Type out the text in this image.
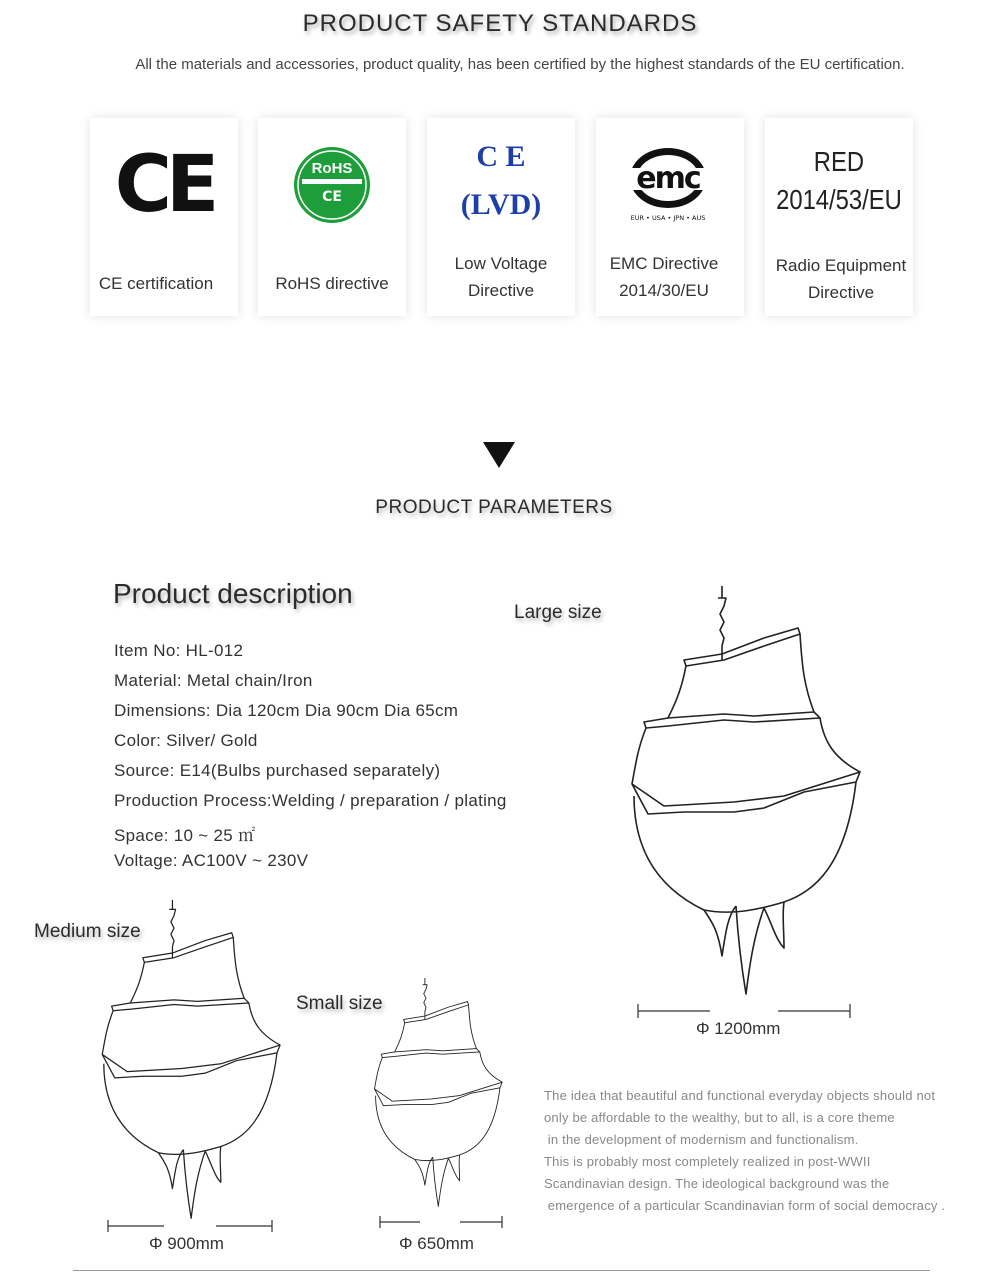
PRODUCT SAFETY STANDARDS
All the materials and accessories, product quality, has been certified by the highest standards of the EU certification.
CE
CE certification
RoHS
CE
RoHS directive
C E
(LVD)
Low Voltage
Directive
emc
EUR • USA • JPN • AUS
EMC Directive
2014/30/EU
RED
2014/53/EU
Radio Equipment
Directive
PRODUCT PARAMETERS
Product description
Item No: HL-012
Material: Metal chain/Iron
Dimensions: Dia 120cm Dia 90cm Dia 65cm
Color: Silver/ Gold
Source: E14(Bulbs purchased separately)
Production Process:Welding / preparation / plating
Space: 10 ~ 25 ㎡
Voltage: AC100V ~ 230V
Large size
Medium size
Small size
Φ 1200mm
Φ 900mm	Φ 650mm
The idea that beautiful and functional everyday objects should not
only be affordable to the wealthy, but to all, is a core theme
in the development of modernism and functionalism.
This is probably most completely realized in post-WWII
Scandinavian design. The ideological background was the
emergence of a particular Scandinavian form of social democracy .
